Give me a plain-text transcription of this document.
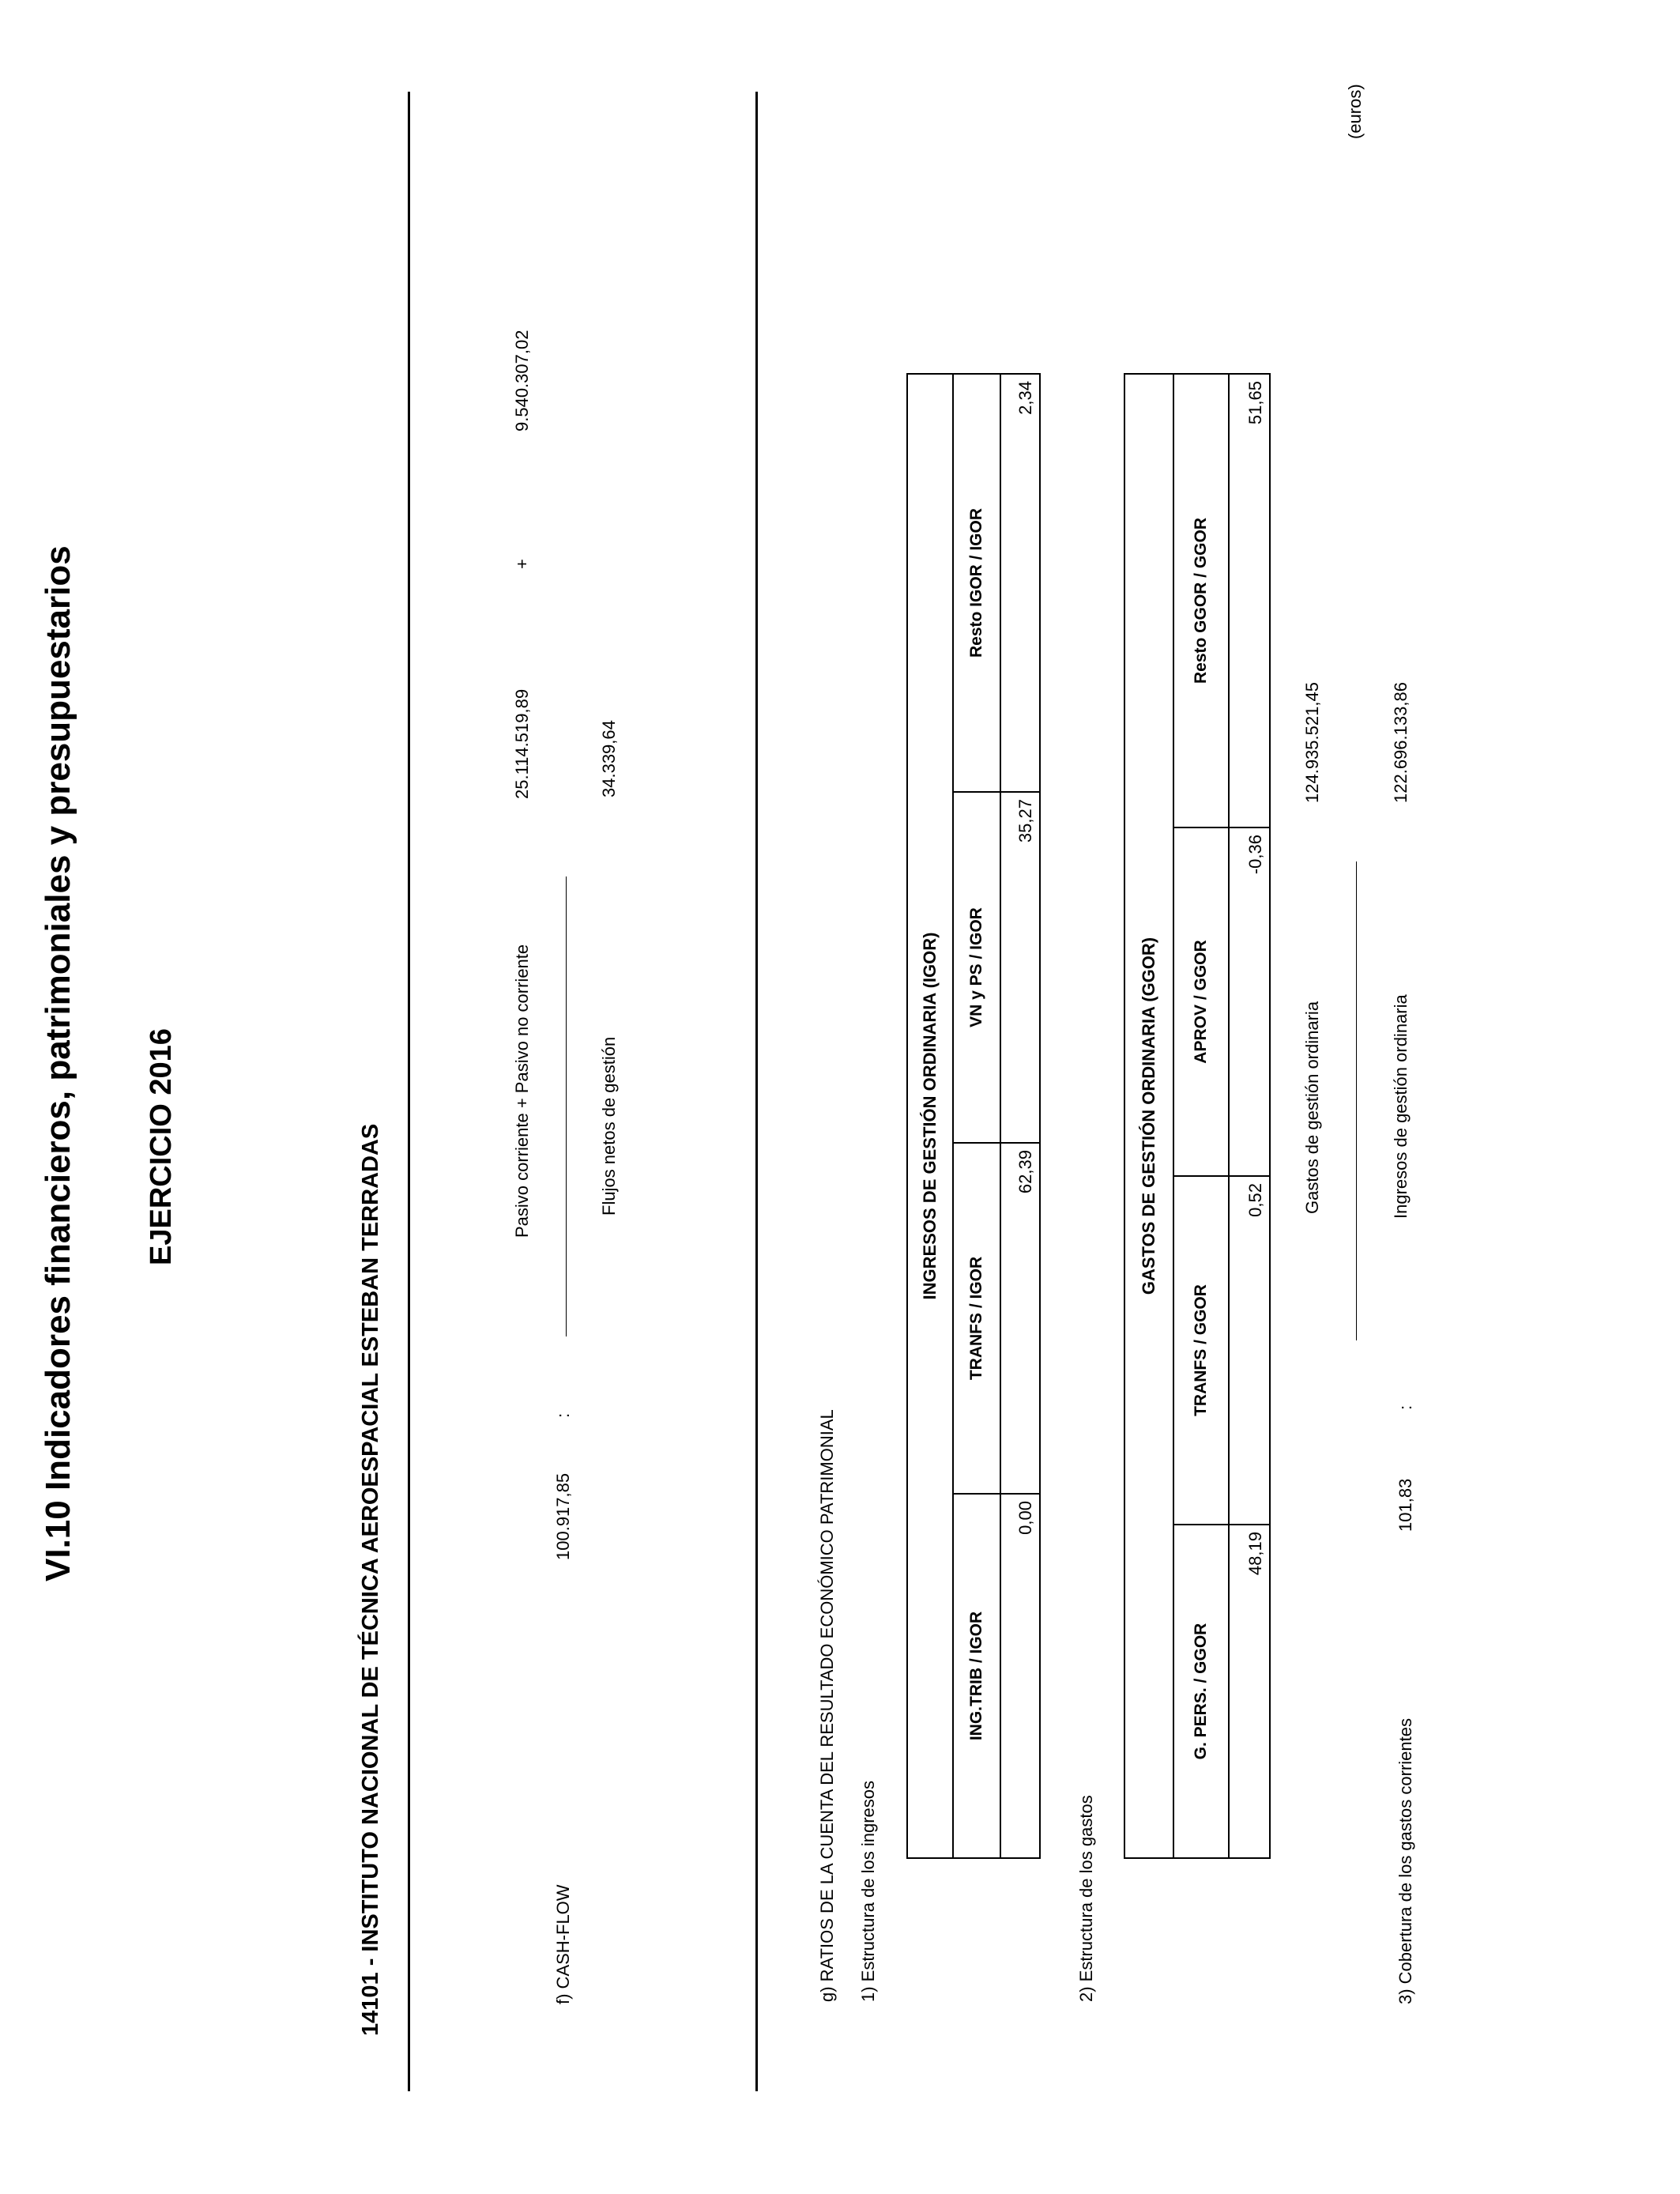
VI.10 Indicadores financieros, patrimoniales y presupuestarios EJERCICIO 2016	14101 - INSTITUTO NACIONAL DE TÉCNICA AEROESPACIAL ESTEBAN TERRADAS
(euros)
f) CASH-FLOW
100.917,85
:
Pasivo corriente + Pasivo no corriente	Flujos netos de gestión
25.114.519,89
+
9.540.307,02
34.339,64
g) RATIOS DE LA CUENTA DEL RESULTADO ECONÓMICO PATRIMONIAL 1) Estructura de los ingresos
INGRESOS DE GESTIÓN ORDINARIA (IGOR)			
ING.TRIB / IGOR	TRANFS / IGOR	VN y PS / IGOR	Resto IGOR / IGOR
0,00	62,39	35,27	2,34
2) Estructura de los gastos
GASTOS DE GESTIÓN ORDINARIA (GGOR)			
G. PERS. / GGOR	TRANFS / GGOR	APROV / GGOR	Resto GGOR / GGOR
48,19	0,52	-0,36	51,65
3) Cobertura de los gastos corrientes
101,83
:
Gastos de gestión ordinaria	Ingresos de gestión ordinaria
124.935.521,45	122.696.133,86
